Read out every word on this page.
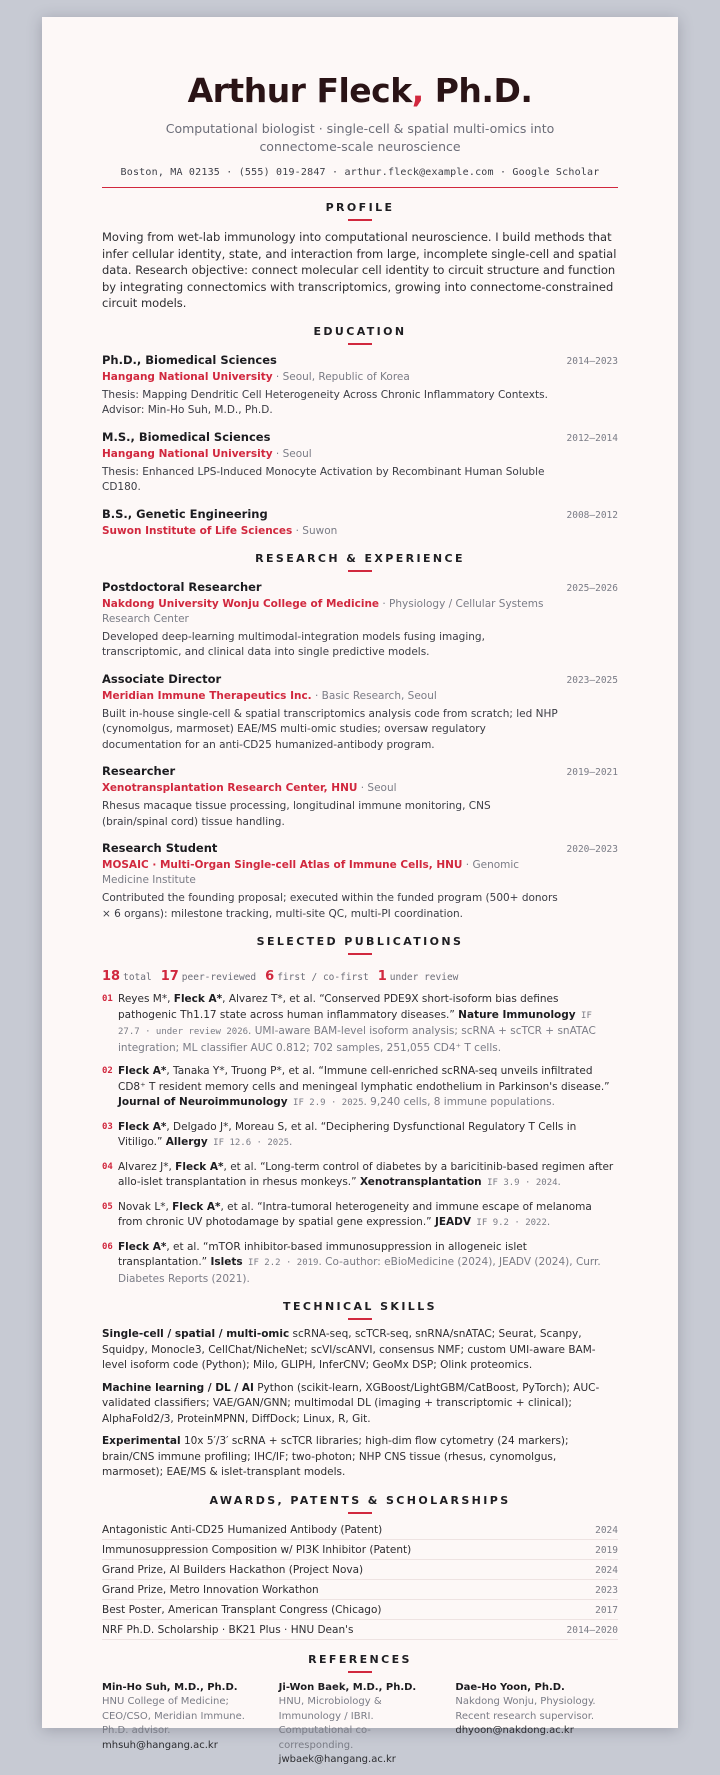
Arthur Fleck, Ph.D.
Computational biologist · single-cell & spatial multi-omics into connectome-scale neuroscience
Boston, MA 02135 · (555) 019-2847 · arthur.fleck@example.com · Google Scholar
PROFILE
Moving from wet-lab immunology into computational neuroscience. I build methods that infer cellular identity, state, and interaction from large, incomplete single-cell and spatial data. Research objective: connect molecular cell identity to circuit structure and function by integrating connectomics with transcriptomics, growing into connectome-constrained circuit models.
EDUCATION
Ph.D., Biomedical Sciences	2014–2023
Hangang National University · Seoul, Republic of Korea
Thesis: Mapping Dendritic Cell Heterogeneity Across Chronic Inflammatory Contexts. Advisor: Min-Ho Suh, M.D., Ph.D.
M.S., Biomedical Sciences	2012–2014
Hangang National University · Seoul
Thesis: Enhanced LPS-Induced Monocyte Activation by Recombinant Human Soluble CD180.
B.S., Genetic Engineering	2008–2012
Suwon Institute of Life Sciences · Suwon
RESEARCH & EXPERIENCE
Postdoctoral Researcher	2025–2026
Nakdong University Wonju College of Medicine · Physiology / Cellular Systems Research Center
Developed deep-learning multimodal-integration models fusing imaging, transcriptomic, and clinical data into single predictive models.
Associate Director	2023–2025
Meridian Immune Therapeutics Inc. · Basic Research, Seoul
Built in-house single-cell & spatial transcriptomics analysis code from scratch; led NHP (cynomolgus, marmoset) EAE/MS multi-omic studies; oversaw regulatory documentation for an anti-CD25 humanized-antibody program.
Researcher	2019–2021
Xenotransplantation Research Center, HNU · Seoul
Rhesus macaque tissue processing, longitudinal immune monitoring, CNS (brain/spinal cord) tissue handling.
Research Student	2020–2023
MOSAIC · Multi-Organ Single-cell Atlas of Immune Cells, HNU · Genomic Medicine Institute
Contributed the founding proposal; executed within the funded program (500+ donors × 6 organs): milestone tracking, multi-site QC, multi-PI coordination.
SELECTED PUBLICATIONS
18 total 17 peer-reviewed 6 first / co-first 1 under review
01 Reyes M*, Fleck A*, Alvarez T*, et al. “Conserved PDE9X short-isoform bias defines pathogenic Th1.17 state across human inflammatory diseases.” Nature Immunology IF 27.7 · under review 2026. UMI-aware BAM-level isoform analysis; scRNA + scTCR + snATAC integration; ML classifier AUC 0.812; 702 samples, 251,055 CD4⁺ T cells.
02 Fleck A*, Tanaka Y*, Truong P*, et al. “Immune cell-enriched scRNA-seq unveils infiltrated CD8⁺ T resident memory cells and meningeal lymphatic endothelium in Parkinson's disease.” Journal of Neuroimmunology IF 2.9 · 2025. 9,240 cells, 8 immune populations.
03 Fleck A*, Delgado J*, Moreau S, et al. “Deciphering Dysfunctional Regulatory T Cells in Vitiligo.” Allergy IF 12.6 · 2025.
04 Alvarez J*, Fleck A*, et al. “Long-term control of diabetes by a baricitinib-based regimen after allo-islet transplantation in rhesus monkeys.” Xenotransplantation IF 3.9 · 2024.
05 Novak L*, Fleck A*, et al. “Intra-tumoral heterogeneity and immune escape of melanoma from chronic UV photodamage by spatial gene expression.” JEADV IF 9.2 · 2022.
06 Fleck A*, et al. “mTOR inhibitor-based immunosuppression in allogeneic islet transplantation.” Islets IF 2.2 · 2019. Co-author: eBioMedicine (2024), JEADV (2024), Curr. Diabetes Reports (2021).
TECHNICAL SKILLS
Single-cell / spatial / multi-omic scRNA-seq, scTCR-seq, snRNA/snATAC; Seurat, Scanpy, Squidpy, Monocle3, CellChat/NicheNet; scVI/scANVI, consensus NMF; custom UMI-aware BAM-level isoform code (Python); Milo, GLIPH, InferCNV; GeoMx DSP; Olink proteomics.
Machine learning / DL / AI Python (scikit-learn, XGBoost/LightGBM/CatBoost, PyTorch); AUC-validated classifiers; VAE/GAN/GNN; multimodal DL (imaging + transcriptomic + clinical); AlphaFold2/3, ProteinMPNN, DiffDock; Linux, R, Git.
Experimental 10x 5′/3′ scRNA + scTCR libraries; high-dim flow cytometry (24 markers); brain/CNS immune profiling; IHC/IF; two-photon; NHP CNS tissue (rhesus, cynomolgus, marmoset); EAE/MS & islet-transplant models.
AWARDS, PATENTS & SCHOLARSHIPS
Antagonistic Anti-CD25 Humanized Antibody (Patent)	2024
Immunosuppression Composition w/ PI3K Inhibitor (Patent)	2019
Grand Prize, AI Builders Hackathon (Project Nova)	2024
Grand Prize, Metro Innovation Workathon	2023
Best Poster, American Transplant Congress (Chicago)	2017
NRF Ph.D. Scholarship · BK21 Plus · HNU Dean's	2014–2020
REFERENCES
Min-Ho Suh, M.D., Ph.D.
HNU College of Medicine; CEO/CSO, Meridian Immune. Ph.D. advisor.
mhsuh@hangang.ac.kr
Ji-Won Baek, M.D., Ph.D.
HNU, Microbiology & Immunology / IBRI. Computational co-corresponding.
jwbaek@hangang.ac.kr
Dae-Ho Yoon, Ph.D.
Nakdong Wonju, Physiology. Recent research supervisor.
dhyoon@nakdong.ac.kr
